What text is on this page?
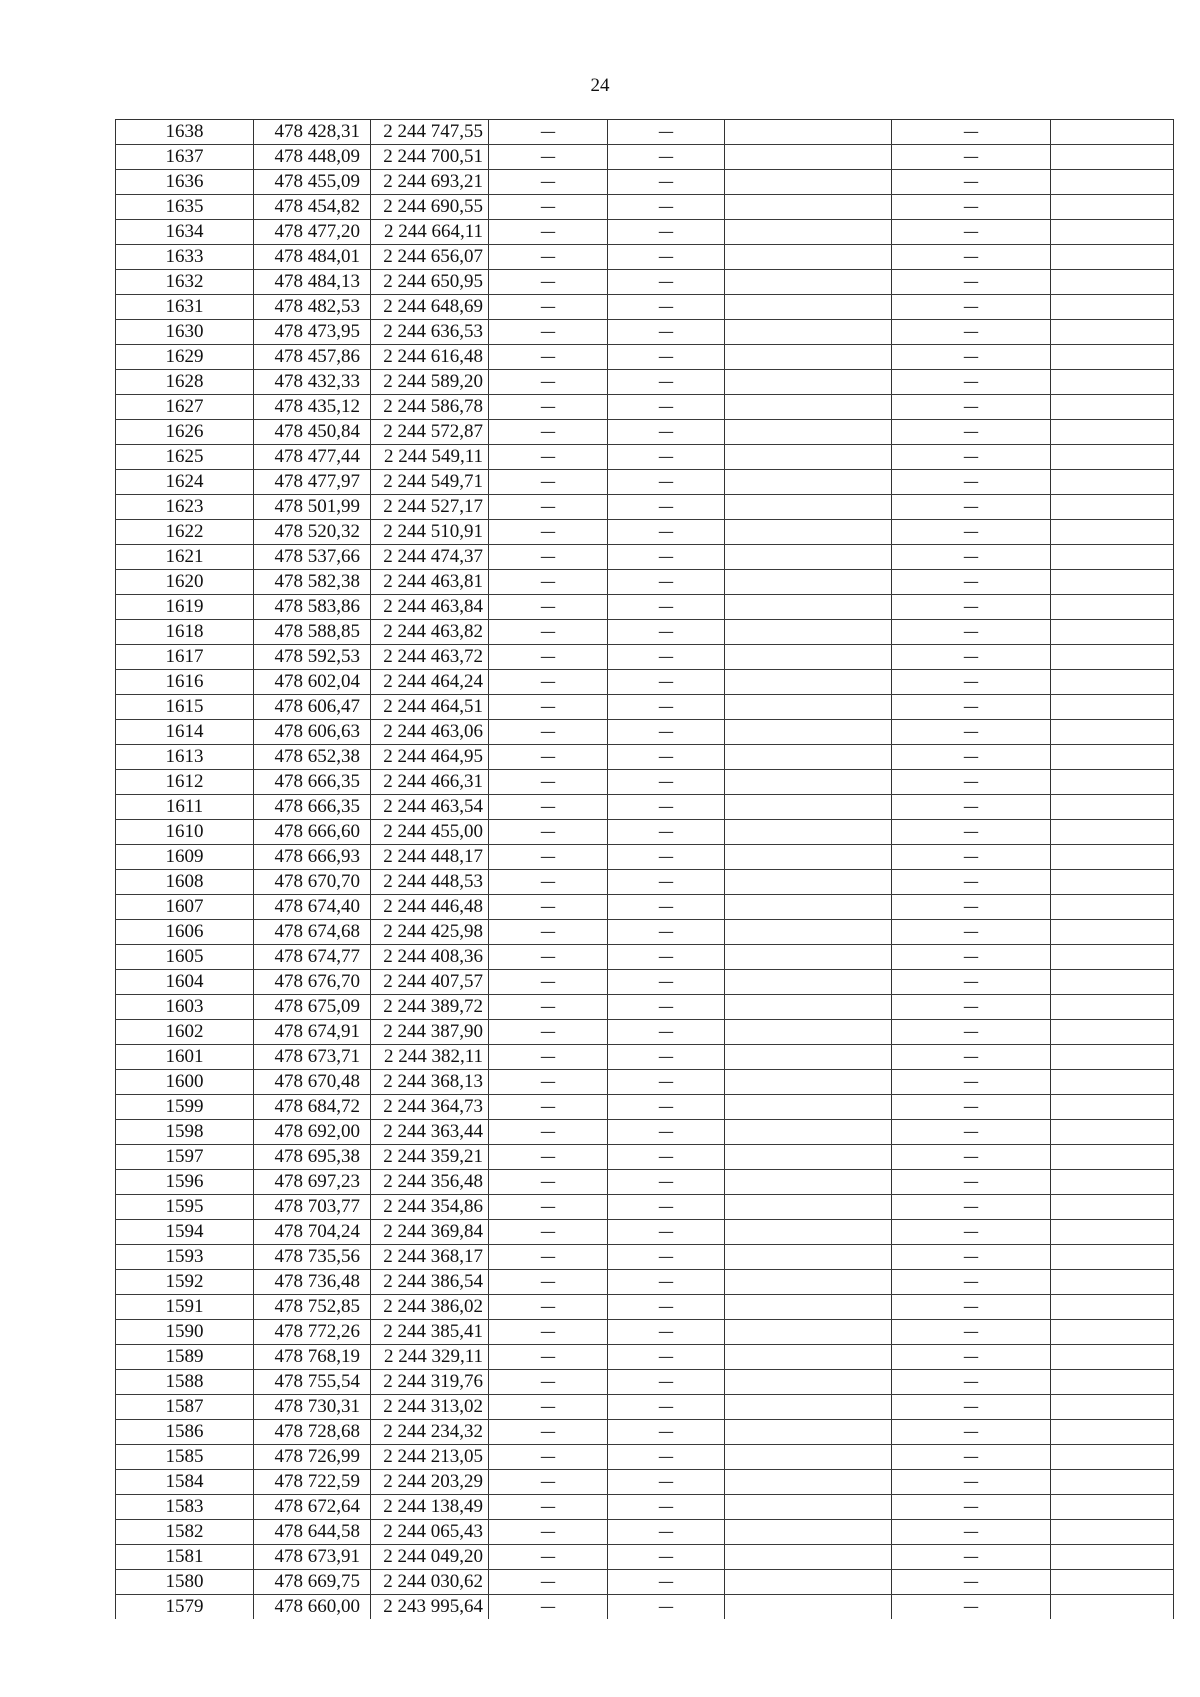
24
1638	478 428,31	2 244 747,55	—	—		—	
1637	478 448,09	2 244 700,51	—	—		—	
1636	478 455,09	2 244 693,21	—	—		—	
1635	478 454,82	2 244 690,55	—	—		—	
1634	478 477,20	2 244 664,11	—	—		—	
1633	478 484,01	2 244 656,07	—	—		—	
1632	478 484,13	2 244 650,95	—	—		—	
1631	478 482,53	2 244 648,69	—	—		—	
1630	478 473,95	2 244 636,53	—	—		—	
1629	478 457,86	2 244 616,48	—	—		—	
1628	478 432,33	2 244 589,20	—	—		—	
1627	478 435,12	2 244 586,78	—	—		—	
1626	478 450,84	2 244 572,87	—	—		—	
1625	478 477,44	2 244 549,11	—	—		—	
1624	478 477,97	2 244 549,71	—	—		—	
1623	478 501,99	2 244 527,17	—	—		—	
1622	478 520,32	2 244 510,91	—	—		—	
1621	478 537,66	2 244 474,37	—	—		—	
1620	478 582,38	2 244 463,81	—	—		—	
1619	478 583,86	2 244 463,84	—	—		—	
1618	478 588,85	2 244 463,82	—	—		—	
1617	478 592,53	2 244 463,72	—	—		—	
1616	478 602,04	2 244 464,24	—	—		—	
1615	478 606,47	2 244 464,51	—	—		—	
1614	478 606,63	2 244 463,06	—	—		—	
1613	478 652,38	2 244 464,95	—	—		—	
1612	478 666,35	2 244 466,31	—	—		—	
1611	478 666,35	2 244 463,54	—	—		—	
1610	478 666,60	2 244 455,00	—	—		—	
1609	478 666,93	2 244 448,17	—	—		—	
1608	478 670,70	2 244 448,53	—	—		—	
1607	478 674,40	2 244 446,48	—	—		—	
1606	478 674,68	2 244 425,98	—	—		—	
1605	478 674,77	2 244 408,36	—	—		—	
1604	478 676,70	2 244 407,57	—	—		—	
1603	478 675,09	2 244 389,72	—	—		—	
1602	478 674,91	2 244 387,90	—	—		—	
1601	478 673,71	2 244 382,11	—	—		—	
1600	478 670,48	2 244 368,13	—	—		—	
1599	478 684,72	2 244 364,73	—	—		—	
1598	478 692,00	2 244 363,44	—	—		—	
1597	478 695,38	2 244 359,21	—	—		—	
1596	478 697,23	2 244 356,48	—	—		—	
1595	478 703,77	2 244 354,86	—	—		—	
1594	478 704,24	2 244 369,84	—	—		—	
1593	478 735,56	2 244 368,17	—	—		—	
1592	478 736,48	2 244 386,54	—	—		—	
1591	478 752,85	2 244 386,02	—	—		—	
1590	478 772,26	2 244 385,41	—	—		—	
1589	478 768,19	2 244 329,11	—	—		—	
1588	478 755,54	2 244 319,76	—	—		—	
1587	478 730,31	2 244 313,02	—	—		—	
1586	478 728,68	2 244 234,32	—	—		—	
1585	478 726,99	2 244 213,05	—	—		—	
1584	478 722,59	2 244 203,29	—	—		—	
1583	478 672,64	2 244 138,49	—	—		—	
1582	478 644,58	2 244 065,43	—	—		—	
1581	478 673,91	2 244 049,20	—	—		—	
1580	478 669,75	2 244 030,62	—	—		—	
1579	478 660,00	2 243 995,64	—	—		—	
